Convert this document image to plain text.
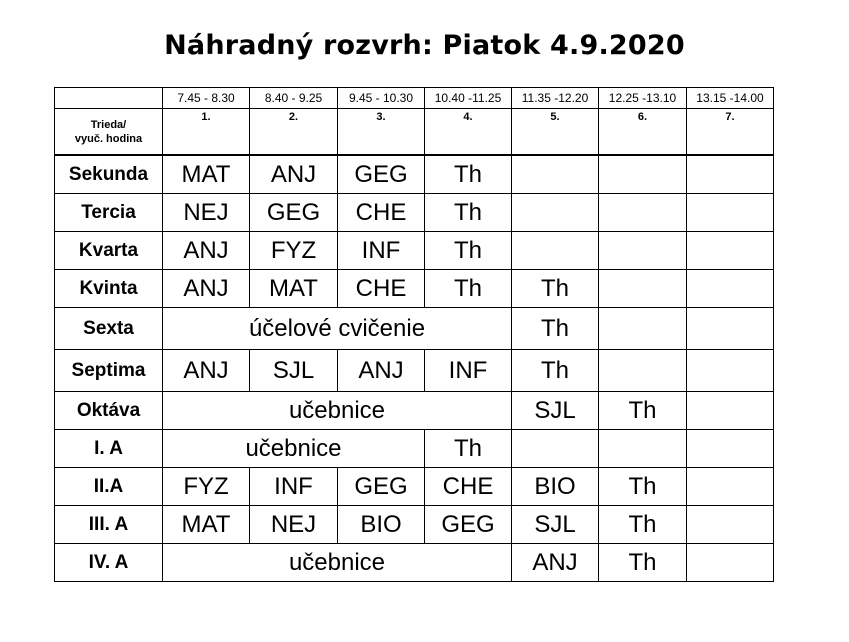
Náhradný rozvrh: Piatok 4.9.2020
	7.45 - 8.30	8.40 - 9.25	9.45 - 10.30	10.40 -11.25	11.35 -12.20	12.25 -13.10	13.15 -14.00
Trieda/
vyuč. hodina	1.	2.	3.	4.	5.	6.	7.
Sekunda	MAT	ANJ	GEG	Th			
Tercia	NEJ	GEG	CHE	Th			
Kvarta	ANJ	FYZ	INF	Th			
Kvinta	ANJ	MAT	CHE	Th	Th		
Sexta	účelové cvičenie				Th		
Septima	ANJ	SJL	ANJ	INF	Th		
Oktáva	učebnice				SJL	Th	
I. A	učebnice			Th			
II.A	FYZ	INF	GEG	CHE	BIO	Th	
III. A	MAT	NEJ	BIO	GEG	SJL	Th	
IV. A	učebnice				ANJ	Th	
